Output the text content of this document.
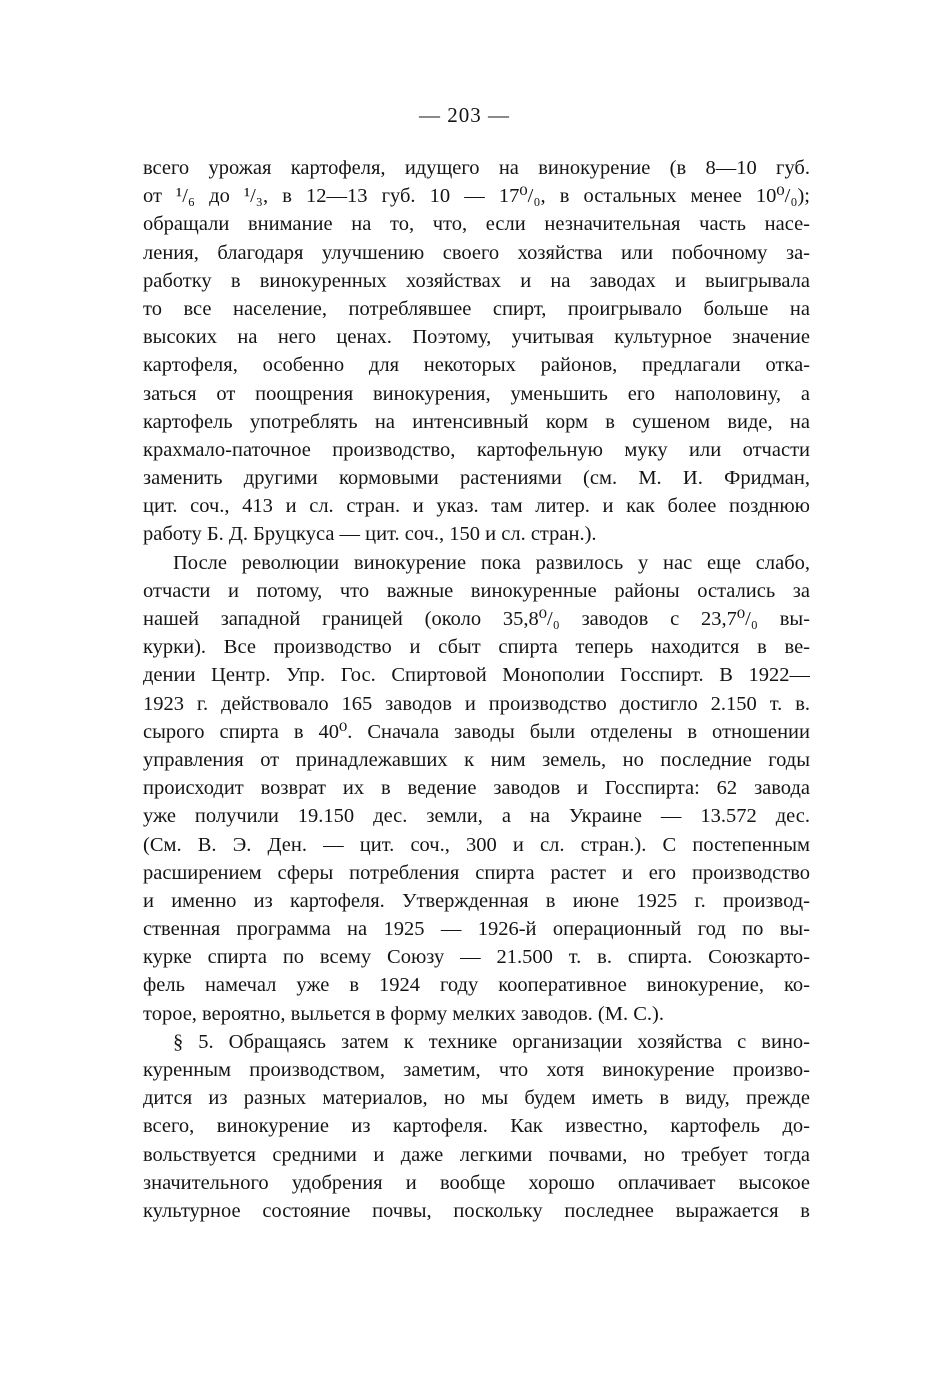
— 203 —
всего урожая картофеля, идущего на винокурение (в 8—10 губ.
от ¹/₆ до ¹/₃, в 12—13 губ. 10 — 17⁰/₀, в остальных менее 10⁰/₀);
обращали внимание на то, что, если незначительная часть насе-
ления, благодаря улучшению своего хозяйства или побочному за-
работку в винокуренных хозяйствах и на заводах и выигрывала
то все население, потреблявшее спирт, проигрывало больше на
высоких на него ценах. Поэтому, учитывая культурное значение
картофеля, особенно для некоторых районов, предлагали отка-
заться от поощрения винокурения, уменьшить его наполовину, а
картофель употреблять на интенсивный корм в сушеном виде, на
крахмало-паточное производство, картофельную муку или отчасти
заменить другими кормовыми растениями (см. М. И. Фридман,
цит. соч., 413 и сл. стран. и указ. там литер. и как более позднюю
работу Б. Д. Бруцкуса — цит. соч., 150 и сл. стран.).
После революции винокурение пока развилось у нас еще слабо,
отчасти и потому, что важные винокуренные районы остались за
нашей западной границей (около 35,8⁰/₀ заводов с 23,7⁰/₀ вы-
курки). Все производство и сбыт спирта теперь находится в ве-
дении Центр. Упр. Гос. Спиртовой Монополии Госспирт. В 1922—
1923 г. действовало 165 заводов и производство достигло 2.150 т. в.
сырого спирта в 40⁰. Сначала заводы были отделены в отношении
управления от принадлежавших к ним земель, но последние годы
происходит возврат их в ведение заводов и Госспирта: 62 завода
уже получили 19.150 дес. земли, а на Украине — 13.572 дес.
(См. В. Э. Ден. — цит. соч., 300 и сл. стран.). С постепенным
расширением сферы потребления спирта растет и его производство
и именно из картофеля. Утвержденная в июне 1925 г. производ-
ственная программа на 1925 — 1926-й операционный год по вы-
курке спирта по всему Союзу — 21.500 т. в. спирта. Союзкарто-
фель намечал уже в 1924 году кооперативное винокурение, ко-
торое, вероятно, выльется в форму мелких заводов. (М. С.).
§ 5. Обращаясь затем к технике организации хозяйства с вино-
куренным производством, заметим, что хотя винокурение произво-
дится из разных материалов, но мы будем иметь в виду, прежде
всего, винокурение из картофеля. Как известно, картофель до-
вольствуется средними и даже легкими почвами, но требует тогда
значительного удобрения и вообще хорошо оплачивает высокое
культурное состояние почвы, поскольку последнее выражается в
